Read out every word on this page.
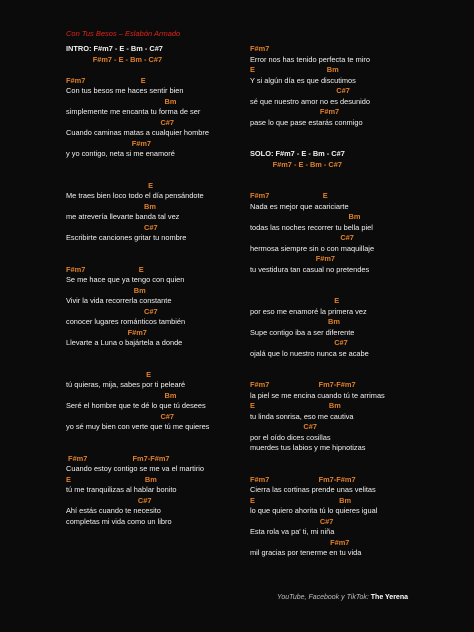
Con Tus Besos – Eslabón Armado
INTRO: F#m7 - E - Bm - C#7
F#m7 - E - Bm - C#7
F#m7                           E
Con tus besos me haces sentir bien
Bm
simplemente me encanta tu forma de ser
C#7
Cuando caminas matas a cualquier hombre
F#m7
y yo contigo, neta si me enamoré
E
Me traes bien loco todo el día pensándote
Bm
me atrevería llevarte banda tal vez
C#7
Escribirte canciones gritar tu nombre
F#m7                          E
Se me hace que ya tengo con quien
Bm
Vivir la vida recorrerla constante
C#7
conocer lugares románticos también
F#m7
Llevarte a Luna o bajártela a donde
E
tú quieras, mija, sabes por ti pelearé
Bm
Seré el hombre que te dé lo que tú desees
C#7
yo sé muy bien con verte que tú me quieres
F#m7                      Fm7-F#m7
Cuando estoy contigo se me va el martirio
E                                    Bm
tú me tranquilizas al hablar bonito
C#7
Ahí estás cuando te necesito
completas mi vida como un libro
F#m7
Error nos has tenido perfecta te miro
E                                   Bm
Y si algún día es que discutimos
C#7
sé que nuestro amor no es desunido
F#m7
pase lo que pase estarás conmigo
SOLO: F#m7 - E - Bm - C#7
F#m7 - E - Bm - C#7
F#m7                          E
Nada es mejor que acariciarte
Bm
todas las noches recorrer tu bella piel
C#7
hermosa siempre sin o con maquillaje
F#m7
tu vestidura tan casual no pretendes
E
por eso me enamoré la primera vez
Bm
Supe contigo iba a ser diferente
C#7
ojalá que lo nuestro nunca se acabe
F#m7                        Fm7-F#m7
la piel se me encina cuando tú te arrimas
E                                    Bm
tu linda sonrisa, eso me cautiva
C#7
por el oído dices cosillas
muerdes tus labios y me hipnotizas
F#m7                        Fm7-F#m7
Cierra las cortinas prende unas velitas
E                                         Bm
lo que quiero ahorita tú lo quieres igual
C#7
Esta rola va pa' ti, mi niña
F#m7
mil gracias por tenerme en tu vida
YouTube, Facebook y TikTok: The Yerena
